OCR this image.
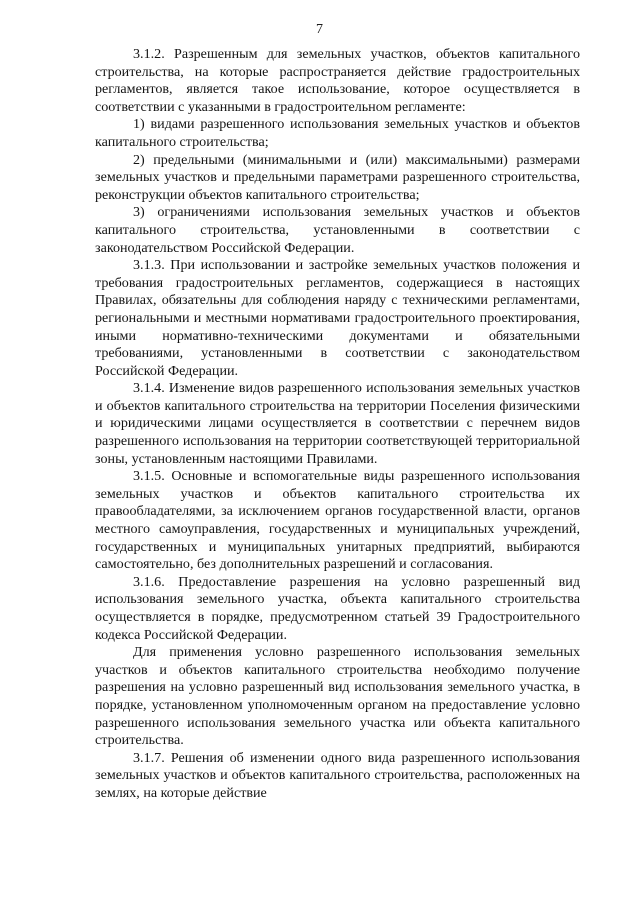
7

3.1.2. Разрешенным для земельных участков, объектов капитального строительства, на которые распространяется действие градостроительных регламентов, является такое использование, которое осуществляется в соответствии с указанными в градостроительном регламенте:

1) видами разрешенного использования земельных участков и объектов капитального строительства;

2) предельными (минимальными и (или) максимальными) размерами земельных участков и предельными параметрами разрешенного строительства, реконструкции объектов капитального строительства;

3) ограничениями использования земельных участков и объектов капитального строительства, установленными в соответствии с законодательством Российской Федерации.

3.1.3. При использовании и застройке земельных участков положения и требования градостроительных регламентов, содержащиеся в настоящих Правилах, обязательны для соблюдения наряду с техническими регламентами, региональными и местными нормативами градостроительного проектирования, иными нормативно-техническими документами и обязательными требованиями, установленными в соответствии с законодательством Российской Федерации.

3.1.4. Изменение видов разрешенного использования земельных участков и объектов капитального строительства на территории Поселения физическими и юридическими лицами осуществляется в соответствии с перечнем видов разрешенного использования на территории соответствующей территориальной зоны, установленным настоящими Правилами.

3.1.5. Основные и вспомогательные виды разрешенного использования земельных участков и объектов капитального строительства их правообладателями, за исключением органов государственной власти, органов местного самоуправления, государственных и муниципальных учреждений, государственных и муниципальных унитарных предприятий, выбираются самостоятельно, без дополнительных разрешений и согласования.

3.1.6. Предоставление разрешения на условно разрешенный вид использования земельного участка, объекта капитального строительства осуществляется в порядке, предусмотренном статьей 39 Градостроительного кодекса Российской Федерации.

Для применения условно разрешенного использования земельных участков и объектов капитального строительства необходимо получение разрешения на условно разрешенный вид использования земельного участка, в порядке, установленном уполномоченным органом на предоставление условно разрешенного использования земельного участка или объекта капитального строительства.

3.1.7. Решения об изменении одного вида разрешенного использования земельных участков и объектов капитального строительства, расположенных на землях, на которые действие
